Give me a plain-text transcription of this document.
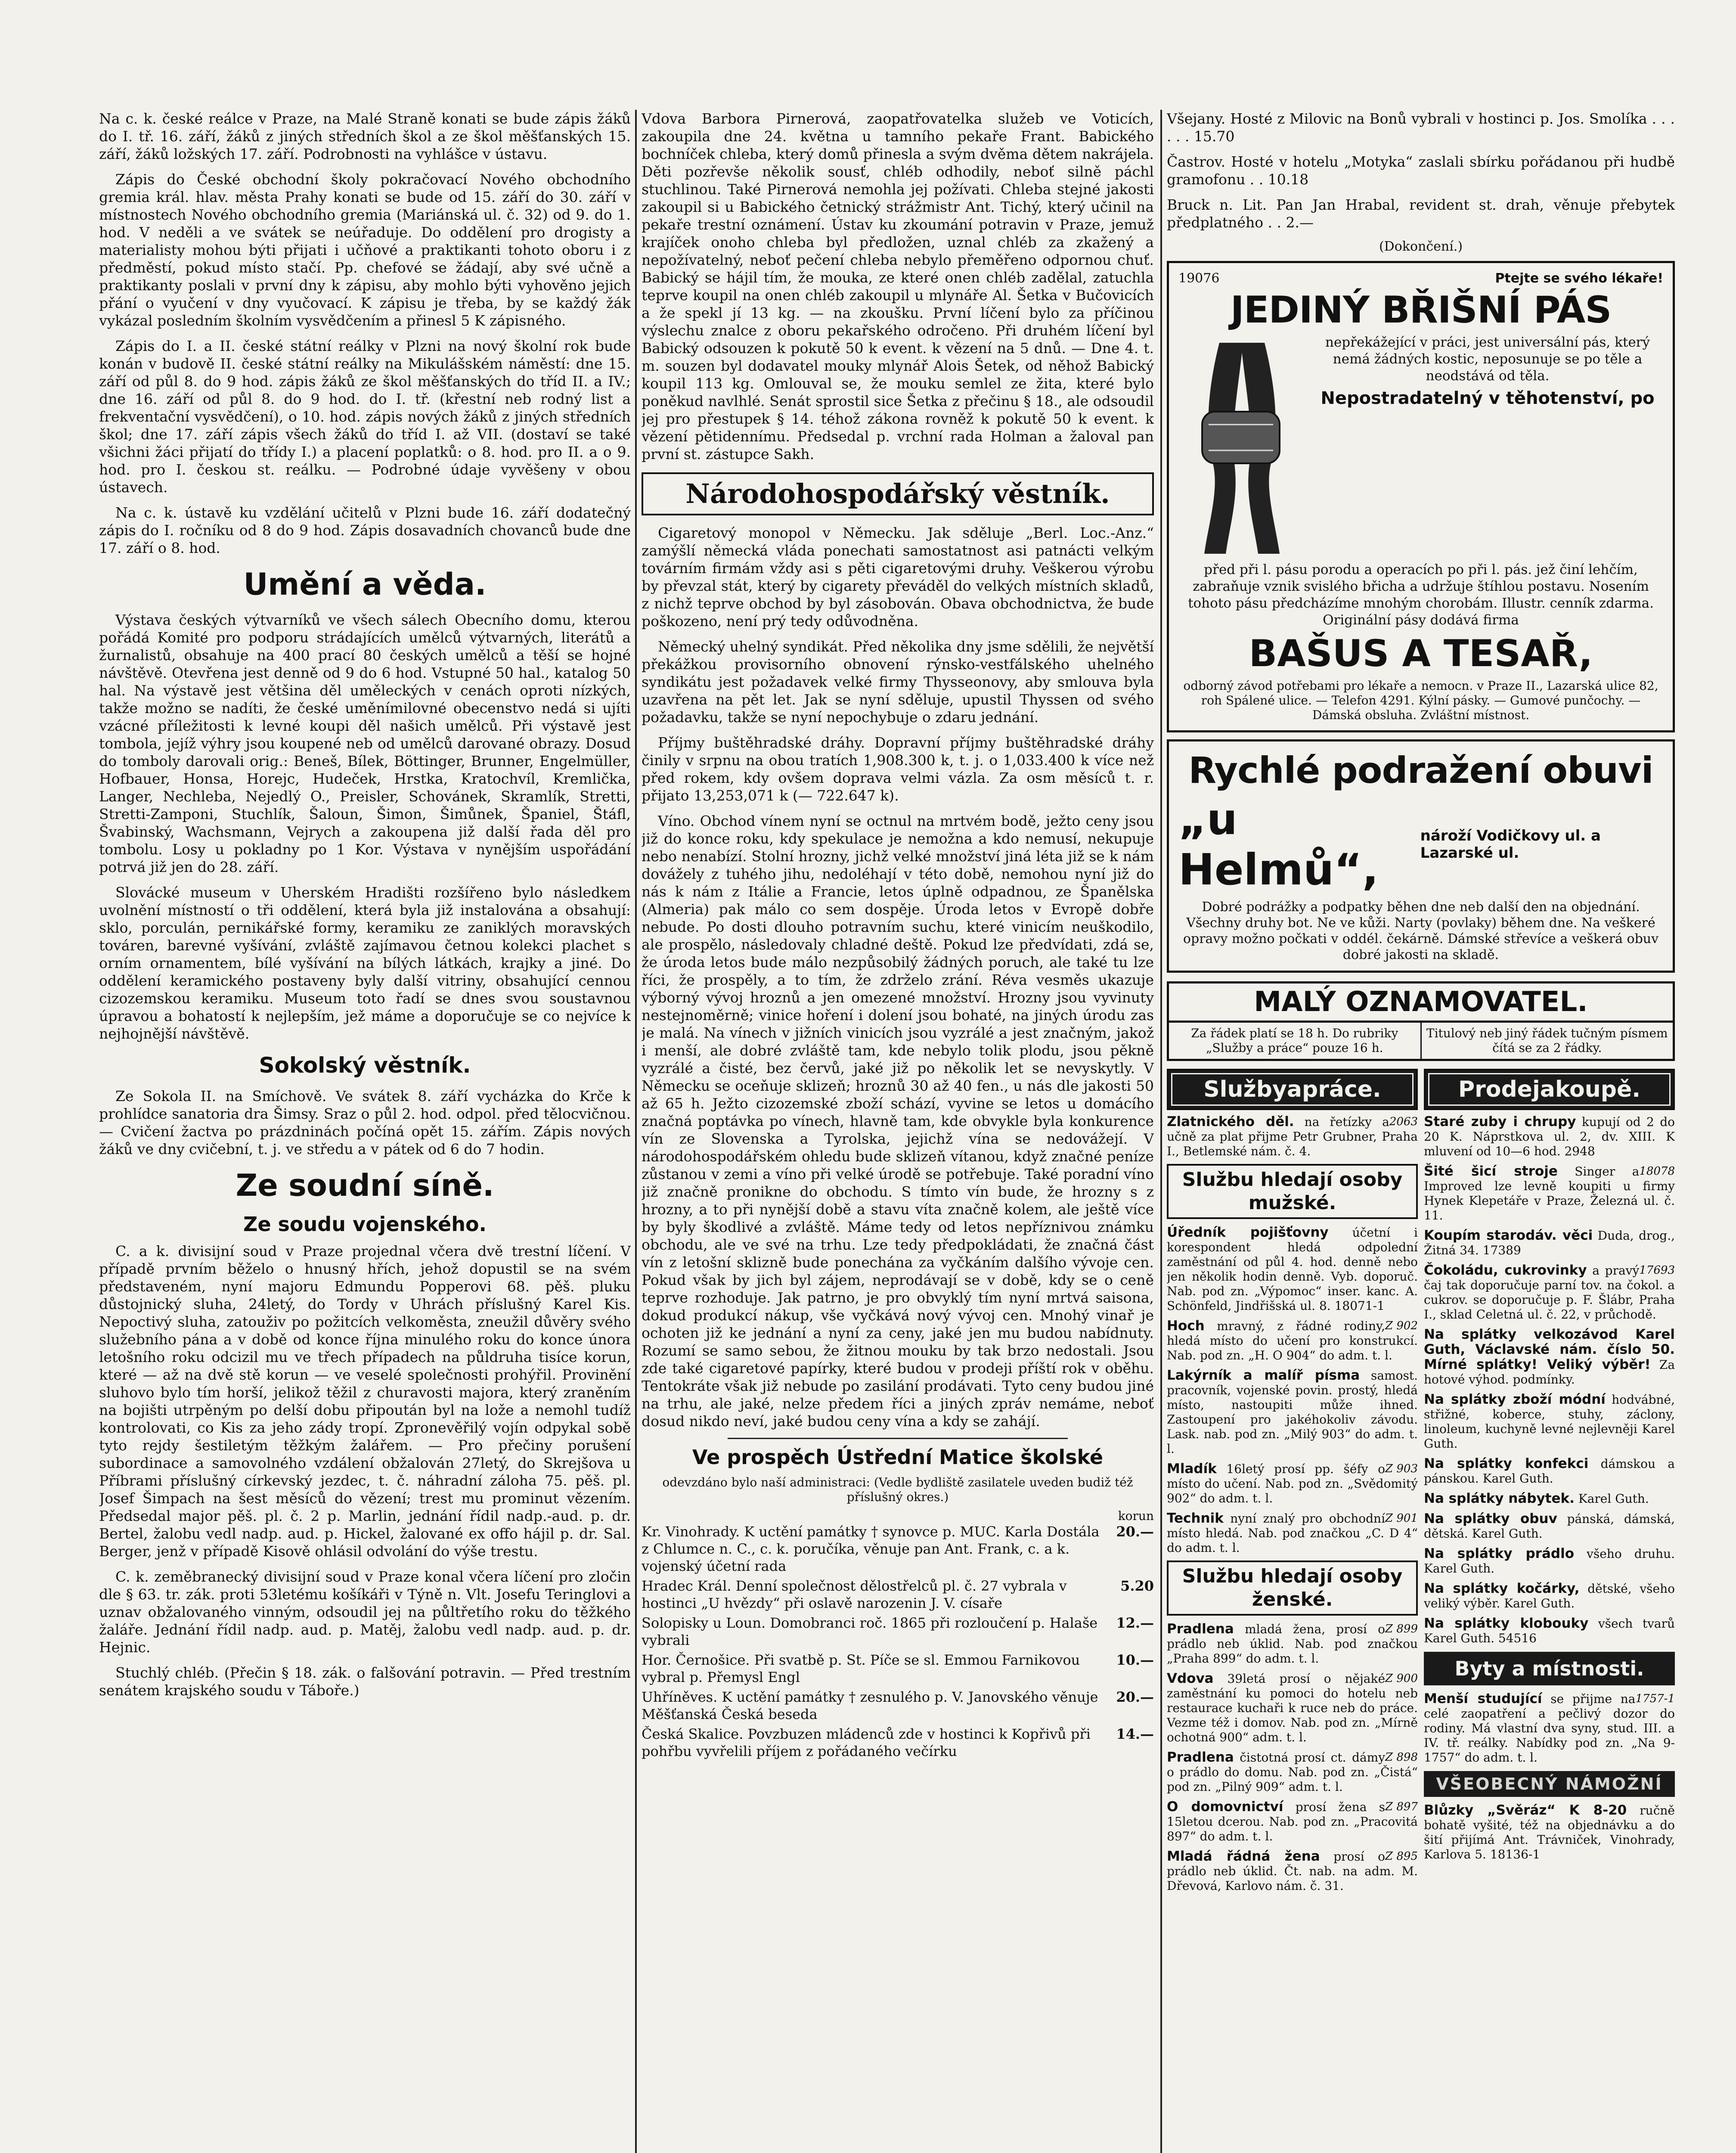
Na c. k. české reálce v Praze, na Malé Straně konati se bude zápis žáků do I. tř. 16. září, žáků z jiných středních škol a ze škol měšťanských 15. září, žáků ložských 17. září. Podrobnosti na vyhlášce v ústavu.

Zápis do České obchodní školy pokračovací Nového obchodního gremia král. hlav. města Prahy konati se bude od 15. září do 30. září v místnostech Nového obchodního gremia (Mariánská ul. č. 32) od 9. do 1. hod. V neděli a ve svátek se neúřaduje. Do oddělení pro drogisty a materialisty mohou býti přijati i učňové a praktikanti tohoto oboru i z předměstí, pokud místo stačí. Pp. chefové se žádají, aby své učně a praktikanty poslali v první dny k zápisu, aby mohlo býti vyhověno jejich přání o vyučení v dny vyučovací. K zápisu je třeba, by se každý žák vykázal posledním školním vysvědčením a přinesl 5 K zápisného.

Zápis do I. a II. české státní reálky v Plzni na nový školní rok bude konán v budově II. české státní reálky na Mikulášském náměstí: dne 15. září od půl 8. do 9 hod. zápis žáků ze škol měšťanských do tříd II. a IV.; dne 16. září od půl 8. do 9 hod. do I. tř. (křestní neb rodný list a frekventační vysvědčení), o 10. hod. zápis nových žáků z jiných středních škol; dne 17. září zápis všech žáků do tříd I. až VII. (dostaví se také všichni žáci přijatí do třídy I.) a placení poplatků: o 8. hod. pro II. a o 9. hod. pro I. českou st. reálku. — Podrobné údaje vyvěšeny v obou ústavech.

Na c. k. ústavě ku vzdělání učitelů v Plzni bude 16. září dodatečný zápis do I. ročníku od 8 do 9 hod. Zápis dosavadních chovanců bude dne 17. září o 8. hod.

Umění a věda.

Výstava českých výtvarníků ve všech sálech Obecního domu, kterou pořádá Komité pro podporu strádajících umělců výtvarných, literátů a žurnalistů, obsahuje na 400 prací 80 českých umělců a těší se hojné návštěvě. Otevřena jest denně od 9 do 6 hod. Vstupné 50 hal., katalog 50 hal. Na výstavě jest většina děl uměleckých v cenách oproti nízkých, takže možno se nadíti, že české uměnímilovné obecenstvo nedá si ujíti vzácné příležitosti k levné koupi děl našich umělců. Při výstavě jest tombola, jejíž výhry jsou koupené neb od umělců darované obrazy. Dosud do tomboly darovali orig.: Beneš, Bílek, Böttinger, Brunner, Engelmüller, Hofbauer, Honsa, Horejc, Hudeček, Hrstka, Kratochvíl, Kremlička, Langer, Nechleba, Nejedlý O., Preisler, Schovánek, Skramlík, Stretti, Stretti-Zamponi, Stuchlík, Šaloun, Šimon, Šimůnek, Španiel, Štáfl, Švabinský, Wachsmann, Vejrych a zakoupena již další řada děl pro tombolu. Losy u pokladny po 1 Kor. Výstava v nynějším uspořádání potrvá již jen do 28. září.

Slovácké museum v Uherském Hradišti rozšířeno bylo následkem uvolnění místností o tři oddělení, která byla již instalována a obsahují: sklo, porculán, pernikářské formy, keramiku ze zaniklých moravských továren, barevné vyšívání, zvláště zajímavou četnou kolekci plachet s orním ornamentem, bílé vyšívání na bílých látkách, krajky a jiné. Do oddělení keramického postaveny byly další vitriny, obsahující cennou cizozemskou keramiku. Museum toto řadí se dnes svou soustavnou úpravou a bohatostí k nejlepším, jež máme a doporučuje se co nejvíce k nejhojnější návštěvě.

Sokolský věstník.

Ze Sokola II. na Smíchově. Ve svátek 8. září vycházka do Krče k prohlídce sanatoria dra Šimsy. Sraz o půl 2. hod. odpol. před tělocvičnou. — Cvičení žactva po prázdninách počíná opět 15. zářím. Zápis nových žáků ve dny cvičební, t. j. ve středu a v pátek od 6 do 7 hodin.

Ze soudní síně.
Ze soudu vojenského.

C. a k. divisijní soud v Praze projednal včera dvě trestní líčení. V případě prvním běželo o hnusný hřích, jehož dopustil se na svém představeném, nyní majoru Edmundu Popperovi 68. pěš. pluku důstojnický sluha, 24letý, do Tordy v Uhrách příslušný Karel Kis. Nepoctivý sluha, zatouživ po požitcích velkoměsta, zneužil důvěry svého služebního pána a v době od konce října minulého roku do konce února letošního roku odcizil mu ve třech případech na půldruha tisíce korun, které — až na dvě stě korun — ve veselé společnosti prohýřil. Provinění sluhovo bylo tím horší, jelikož těžil z churavosti majora, který zraněním na bojišti utrpěným po delší dobu připoután byl na lože a nemohl tudíž kontrolovati, co Kis za jeho zády tropí. Zpronevěřilý vojín odpykal sobě tyto rejdy šestiletým těžkým žalářem. — Pro přečiny porušení subordinace a samovolného vzdálení obžalován 27letý, do Skrejšova u Příbrami příslušný církevský jezdec, t. č. náhradní záloha 75. pěš. pl. Josef Šimpach na šest měsíců do vězení; trest mu prominut vězením. Předsedal major pěš. pl. č. 2 p. Marlin, jednání řídil nadp.-aud. p. dr. Bertel, žalobu vedl nadp. aud. p. Hickel, žalované ex offo hájil p. dr. Sal. Berger, jenž v případě Kisově ohlásil odvolání do výše trestu.

C. k. zeměbranecký divisijní soud v Praze konal včera líčení pro zločin dle § 63. tr. zák. proti 53letému košíkáři v Týně n. Vlt. Josefu Teringlovi a uznav obžalovaného vinným, odsoudil jej na půltřetího roku do těžkého žaláře. Jednání řídil nadp. aud. p. Matěj, žalobu vedl nadp. aud. p. dr. Hejnic.

Stuchlý chléb. (Přečin § 18. zák. o falšování potravin. — Před trestním senátem krajského soudu v Táboře.)

Vdova Barbora Pirnerová, zaopatřovatelka služeb ve Voticích, zakoupila dne 24. května u tamního pekaře Frant. Babického bochníček chleba, který domů přinesla a svým dvěma dětem nakrájela. Děti pozřevše několik sousť, chléb odhodily, neboť silně páchl stuchlinou. Také Pirnerová nemohla jej požívati. Chleba stejné jakosti zakoupil si u Babického četnický strážmistr Ant. Tichý, který učinil na pekaře trestní oznámení. Ústav ku zkoumání potravin v Praze, jemuž krajíček onoho chleba byl předložen, uznal chléb za zkažený a nepožívatelný, neboť pečení chleba nebylo přeměřeno odpornou chuť. Babický se hájil tím, že mouka, ze které onen chléb zadělal, zatuchla teprve koupil na onen chléb zakoupil u mlynáře Al. Šetka v Bučovicích a že spekl jí 13 kg. — na zkoušku. První líčení bylo za příčinou výslechu znalce z oboru pekařského odročeno. Při druhém líčení byl Babický odsouzen k pokutě 50 k event. k vězení na 5 dnů. — Dne 4. t. m. souzen byl dodavatel mouky mlynář Alois Šetek, od něhož Babický koupil 113 kg. Omlouval se, že mouku semlel ze žita, které bylo poněkud navlhlé. Senát sprostil sice Šetka z přečinu § 18., ale odsoudil jej pro přestupek § 14. téhož zákona rovněž k pokutě 50 k event. k vězení pětidennímu. Předsedal p. vrchní rada Holman a žaloval pan první st. zástupce Sakh.

Národohospodářský věstník.

Cigaretový monopol v Německu. Jak sděluje „Berl. Loc.-Anz.“ zamýšlí německá vláda ponechati samostatnost asi patnácti velkým továrním firmám vždy asi s pěti cigaretovými druhy. Veškerou výrobu by převzal stát, který by cigarety převáděl do velkých místních skladů, z nichž teprve obchod by byl zásobován. Obava obchodnictva, že bude poškozeno, není prý tedy odůvodněna.

Německý uhelný syndikát. Před několika dny jsme sdělili, že největší překážkou provisorního obnovení rýnsko-vestfálského uhelného syndikátu jest požadavek velké firmy Thysseonovy, aby smlouva byla uzavřena na pět let. Jak se nyní sděluje, upustil Thyssen od svého požadavku, takže se nyní nepochybuje o zdaru jednání.

Příjmy buštěhradské dráhy. Dopravní příjmy buštěhradské dráhy činily v srpnu na obou tratích 1,908.300 k, t. j. o 1,033.400 k více než před rokem, kdy ovšem doprava velmi vázla. Za osm měsíců t. r. přijato 13,253,071 k (— 722.647 k).

Víno. Obchod vínem nyní se octnul na mrtvém bodě, ježto ceny jsou již do konce roku, kdy spekulace je nemožna a kdo nemusí, nekupuje nebo nenabízí. Stolní hrozny, jichž velké množství jiná léta již se k nám dovážely z tuhého jihu, nedoléhají v této době, nemohou nyní již do nás k nám z Itálie a Francie, letos úplně odpadnou, ze Španělska (Almeria) pak málo co sem dospěje. Úroda letos v Evropě dobře nebude. Po dosti dlouho potravním suchu, které vinicím neuškodilo, ale prospělo, následovaly chladné deště. Pokud lze předvídati, zdá se, že úroda letos bude málo nezpůsobilý žádných poruch, ale také tu lze říci, že prospěly, a to tím, že zdrželo zrání. Réva vesměs ukazuje výborný vývoj hroznů a jen omezené množství. Hrozny jsou vyvinuty nestejnoměrně; vinice hoření i dolení jsou bohaté, na jiných úrodu zas je malá. Na vínech v jižních vinicích jsou vyzrálé a jest značným, jakož i menší, ale dobré zvláště tam, kde nebylo tolik plodu, jsou pěkně vyzrálé a čisté, bez červů, jaké již po několik let se nevyskytly. V Německu se oceňuje sklizeň; hroznů 30 až 40 fen., u nás dle jakosti 50 až 65 h. Ježto cizozemské zboží schází, vyvine se letos u domácího značná poptávka po vínech, hlavně tam, kde obvykle byla konkurence vín ze Slovenska a Tyrolska, jejichž vína se nedovážejí. V národohospodářském ohledu bude sklizeň vítanou, když značné peníze zůstanou v zemi a víno při velké úrodě se potřebuje. Také poradní víno již značně pronikne do obchodu. S tímto vín bude, že hrozny s z hrozny, a to při nynější době a stavu víta značně kolem, ale ještě více by byly škodlivé a zvláště. Máme tedy od letos nepříznivou známku obchodu, ale ve své na trhu. Lze tedy předpokládati, že značná část vín z letošní sklizně bude ponechána za vyčkáním dalšího vývoje cen. Pokud však by jich byl zájem, neprodávají se v době, kdy se o ceně teprve rozhoduje. Jak patrno, je pro obvyklý tím nyní mrtvá saisona, dokud produkcí nákup, vše vyčkává nový vývoj cen. Mnohý vinař je ochoten již ke jednání a nyní za ceny, jaké jen mu budou nabídnuty. Rozumí se samo sebou, že žitnou mouku by tak brzo nedostali. Jsou zde také cigaretové papírky, které budou v prodeji příští rok v oběhu. Tentokráte však již nebude po zasilání prodávati. Tyto ceny budou jiné na trhu, ale jaké, nelze předem říci a jiných zpráv nemáme, neboť dosud nikdo neví, jaké budou ceny vína a kdy se zahájí.

Ve prospěch Ústřední Matice školské
odevzdáno bylo naší administraci: (Vedle bydliště zasilatele uveden budiž též příslušný okres.)
korun
Kr. Vinohrady. K uctění památky † synovce p. MUC. Karla Dostála z Chlumce n. C., c. k. poručíka, věnuje pan Ant. Frank, c. a k. vojenský účetní rada	20.—
Hradec Král. Denní společnost dělostřelců pl. č. 27 vybrala v hostinci „U hvězdy“ při oslavě narozenin J. V. císaře	5.20
Solopisky u Loun. Domobranci roč. 1865 při rozloučení p. Halaše vybrali	12.—
Hor. Černošice. Při svatbě p. St. Píče se sl. Emmou Farnikovou vybral p. Přemysl Engl	10.—
Uhříněves. K uctění památky † zesnulého p. V. Janovského věnuje Měšťanská Česká beseda	20.—
Česká Skalice. Povzbuzen mládenců zde v hostinci k Kopřivů při pohřbu vyvřelili příjem z pořádaného večírku	14.—

Všejany. Hosté z Milovic na Bonů vybrali v hostinci p. Jos. Smolíka . . . . . . 15.70

Častrov. Hosté v hotelu „Motyka“ zaslali sbírku pořádanou při hudbě gramofonu . . 10.18

Bruck n. Lit. Pan Jan Hrabal, revident st. drah, věnuje přebytek předplatného . . 2.—

(Dokončení.)
19076	Ptejte se svého lékaře!
JEDINÝ BŘIŠNÍ PÁS
nepřekážející v práci, jest universální pás, který nemá žádných kostic, neposunuje se po těle a neodstává od těla.
Nepostradatelný v těhotenství, po
před při l. pásu porodu a operacích po při l. pás. jež činí lehčím, zabraňuje vznik svislého břicha a udržuje štíhlou postavu. Nosením tohoto pásu předcházíme mnohým chorobám. Illustr. cenník zdarma. Originální pásy dodává firma
BAŠUS A TESAŘ,
odborný závod potřebami pro lékaře a nemocn. v Praze II., Lazarská ulice 82, roh Spálené ulice. — Telefon 4291. Kýlní pásky. — Gumové punčochy. — Dámská obsluha. Zvláštní místnost.
Rychlé podražení obuvi
„u Helmů“,
nároží Vodičkovy ul. a Lazarské ul.
Dobré podrážky a podpatky běhen dne neb další den na objednání. Všechny druhy bot. Ne ve kůži. Narty (povlaky) během dne. Na veškeré opravy možno počkati v oddél. čekárně. Dámské střevíce a veškerá obuv dobré jakosti na skladě.
MALÝ OZNAMOVATEL.
Za řádek platí se 18 h. Do rubriky „Služby a práce“ pouze 16 h.
Titulový neb jiný řádek tučným písmem čítá se za 2 řádky.
Službyapráce.	Prodejakoupě.
2063
Zlatnického děl. na řetízky a učně za plat přijme Petr Grubner, Praha I., Betlemské nám. č. 4.
Službu hledají osoby mužské.
Úředník pojišťovny účetní i korespondent hledá odpolední zaměstnání od půl 4. hod. denně nebo jen několik hodin denně. Vyb. doporuč. Nab. pod zn. „Výpomoc“ inser. kanc. A. Schönfeld, Jindřišská ul. 8. 18071-1
Z 902
Hoch mravný, z řádné rodiny, hledá místo do učení pro konstrukcí. Nab. pod zn. „H. O 904“ do adm. t. l.
Lakýrník a malíř písma samost. pracovník, vojenské povin. prostý, hledá místo, nastoupiti může ihned. Zastoupení pro jakéhokoliv závodu. Lask. nab. pod zn. „Milý 903“ do adm. t. l.
Z 903
Mladík 16letý prosí pp. šéfy o místo do učení. Nab. pod zn. „Svědomitý 902“ do adm. t. l.
Z 901
Technik nyní znalý pro obchodní místo hledá. Nab. pod značkou „C. D 4“ do adm. t. l.
Službu hledají osoby ženské.
Z 899
Pradlena mladá žena, prosí o prádlo neb úklid. Nab. pod značkou „Praha 899“ do adm. t. l.
Z 900
Vdova 39letá prosí o nějaké zaměstnání ku pomoci do hotelu neb restaurace kuchaři k ruce neb do práce. Vezme též i domov. Nab. pod zn. „Mírně ochotná 900“ adm. t. l.
Z 898
Pradlena čistotná prosí ct. dámy o prádlo do domu. Nab. pod zn. „Čistá“ pod zn. „Pilný 909“ adm. t. l.
Z 897
O domovnictví prosí žena s 15letou dcerou. Nab. pod zn. „Pracovitá 897“ do adm. t. l.
Z 895
Mladá řádná žena prosí o prádlo neb úklid. Čt. nab. na adm. M. Dřevová, Karlovo nám. č. 31.
Staré zuby i chrupy kupují od 2 do 20 K. Náprstkova ul. 2, dv. XIII. K mluvení od 10—6 hod. 2948
18078
Šité šicí stroje Singer a Improved lze levně koupiti u firmy Hynek Klepetáře v Praze, Železná ul. č. 11.
Koupím starodáv. věci Duda, drog., Žitná 34. 17389
17693
Čokoládu, cukrovinky a pravý čaj tak doporučuje parní tov. na čokol. a cukrov. se doporučuje p. F. Šlábr, Praha I., sklad Celetná ul. č. 22, v průchodě.
Na splátky velkozávod Karel Guth, Václavské nám. číslo 50. Mírné splátky! Veliký výběr! Za hotové výhod. podmínky.
Na splátky zboží módní hodvábné, střižné, koberce, stuhy, záclony, linoleum, kuchyně levné nejlevněji Karel Guth.
Na splátky konfekci dámskou a pánskou. Karel Guth.
Na splátky nábytek. Karel Guth.
Na splátky obuv pánská, dámská, dětská. Karel Guth.
Na splátky prádlo všeho druhu. Karel Guth.
Na splátky kočárky, dětské, všeho veliký výběr. Karel Guth.
Na splátky klobouky všech tvarů Karel Guth. 54516
Byty a místnosti.
1757-1
Menší studující se přijme na celé zaopatření a pečlivý dozor do rodiny. Má vlastní dva syny, stud. III. a IV. tř. reálky. Nabídky pod zn. „Na 9-1757“ do adm. t. l.
VŠEOBECNÝ NÁMOŽNÍ
Blůzky „Svěráz“ K 8-20 ručně bohatě vyšité, též na objednávku a do šití přijímá Ant. Trávniček, Vinohrady, Karlova 5. 18136-1
